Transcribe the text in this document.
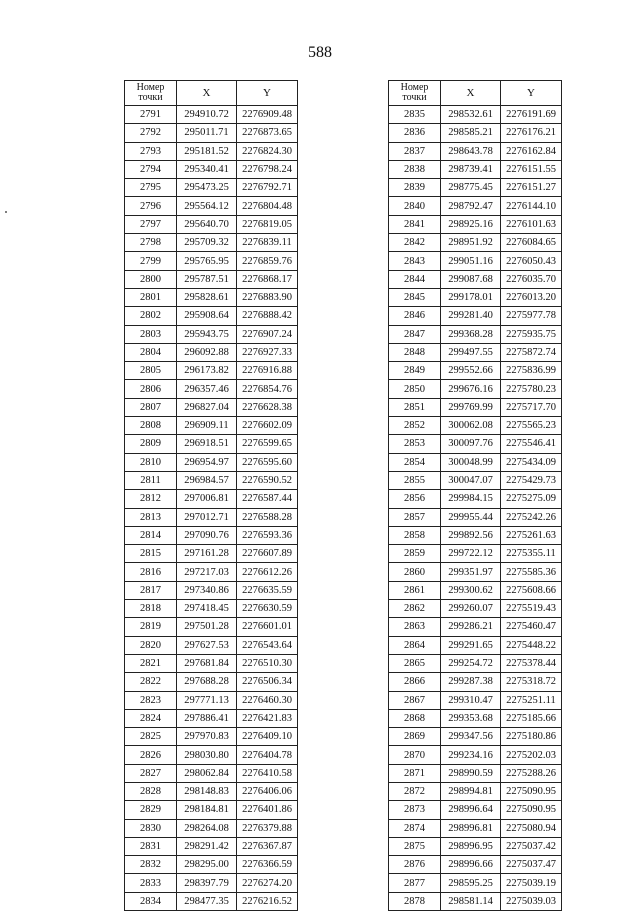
588
Номер
точки	X	Y
2791	294910.72	2276909.48
2792	295011.71	2276873.65
2793	295181.52	2276824.30
2794	295340.41	2276798.24
2795	295473.25	2276792.71
2796	295564.12	2276804.48
2797	295640.70	2276819.05
2798	295709.32	2276839.11
2799	295765.95	2276859.76
2800	295787.51	2276868.17
2801	295828.61	2276883.90
2802	295908.64	2276888.42
2803	295943.75	2276907.24
2804	296092.88	2276927.33
2805	296173.82	2276916.88
2806	296357.46	2276854.76
2807	296827.04	2276628.38
2808	296909.11	2276602.09
2809	296918.51	2276599.65
2810	296954.97	2276595.60
2811	296984.57	2276590.52
2812	297006.81	2276587.44
2813	297012.71	2276588.28
2814	297090.76	2276593.36
2815	297161.28	2276607.89
2816	297217.03	2276612.26
2817	297340.86	2276635.59
2818	297418.45	2276630.59
2819	297501.28	2276601.01
2820	297627.53	2276543.64
2821	297681.84	2276510.30
2822	297688.28	2276506.34
2823	297771.13	2276460.30
2824	297886.41	2276421.83
2825	297970.83	2276409.10
2826	298030.80	2276404.78
2827	298062.84	2276410.58
2828	298148.83	2276406.06
2829	298184.81	2276401.86
2830	298264.08	2276379.88
2831	298291.42	2276367.87
2832	298295.00	2276366.59
2833	298397.79	2276274.20
2834	298477.35	2276216.52
Номер
точки	X	Y
2835	298532.61	2276191.69
2836	298585.21	2276176.21
2837	298643.78	2276162.84
2838	298739.41	2276151.55
2839	298775.45	2276151.27
2840	298792.47	2276144.10
2841	298925.16	2276101.63
2842	298951.92	2276084.65
2843	299051.16	2276050.43
2844	299087.68	2276035.70
2845	299178.01	2276013.20
2846	299281.40	2275977.78
2847	299368.28	2275935.75
2848	299497.55	2275872.74
2849	299552.66	2275836.99
2850	299676.16	2275780.23
2851	299769.99	2275717.70
2852	300062.08	2275565.23
2853	300097.76	2275546.41
2854	300048.99	2275434.09
2855	300047.07	2275429.73
2856	299984.15	2275275.09
2857	299955.44	2275242.26
2858	299892.56	2275261.63
2859	299722.12	2275355.11
2860	299351.97	2275585.36
2861	299300.62	2275608.66
2862	299260.07	2275519.43
2863	299286.21	2275460.47
2864	299291.65	2275448.22
2865	299254.72	2275378.44
2866	299287.38	2275318.72
2867	299310.47	2275251.11
2868	299353.68	2275185.66
2869	299347.56	2275180.86
2870	299234.16	2275202.03
2871	298990.59	2275288.26
2872	298994.81	2275090.95
2873	298996.64	2275090.95
2874	298996.81	2275080.94
2875	298996.95	2275037.42
2876	298996.66	2275037.47
2877	298595.25	2275039.19
2878	298581.14	2275039.03
